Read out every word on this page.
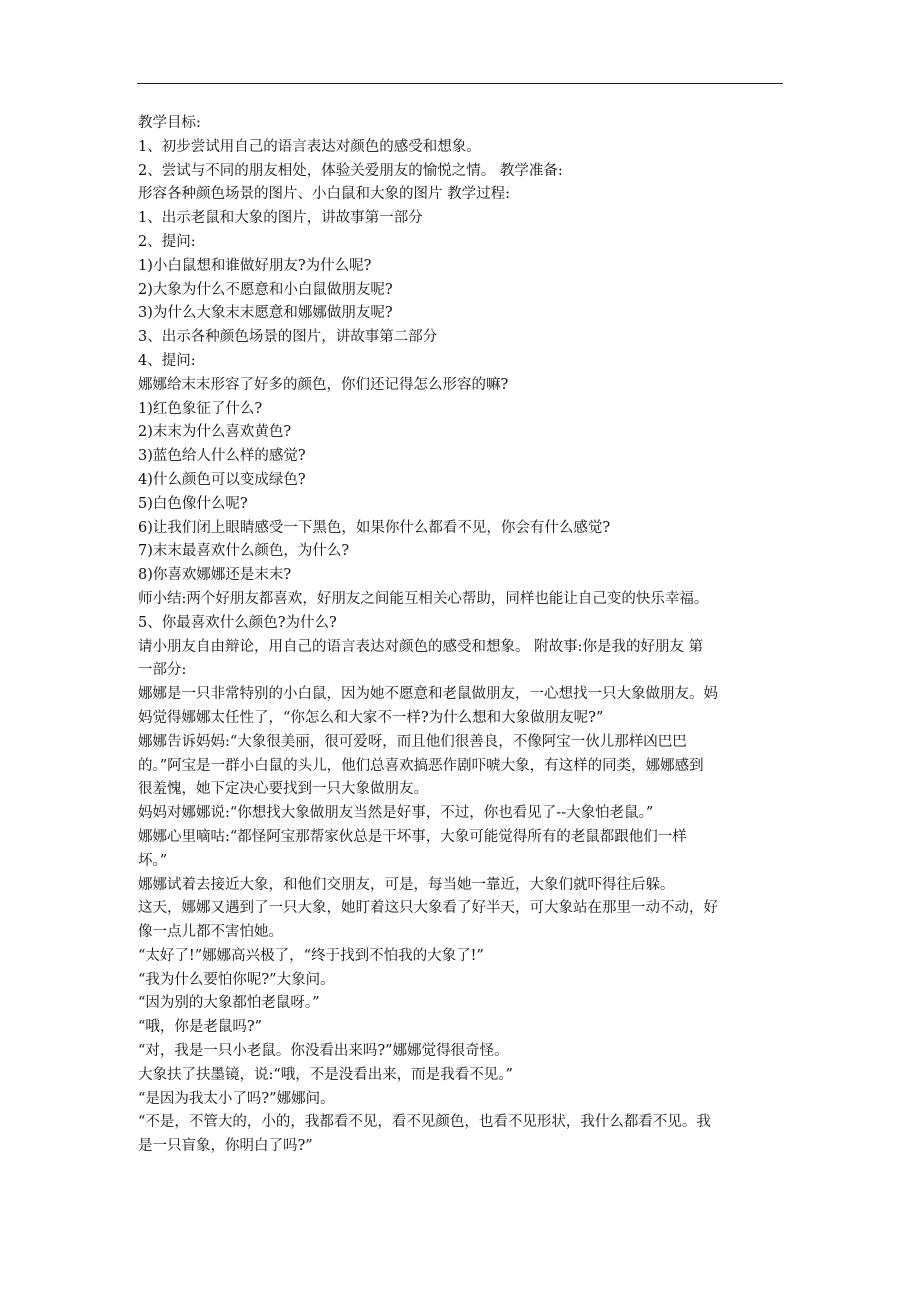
教学目标:
1、初步尝试用自己的语言表达对颜色的感受和想象。
2、尝试与不同的朋友相处，体验关爱朋友的愉悦之情。 教学准备:
形容各种颜色场景的图片、小白鼠和大象的图片 教学过程:
1、出示老鼠和大象的图片，讲故事第一部分
2、提问:
1)小白鼠想和谁做好朋友?为什么呢?
2)大象为什么不愿意和小白鼠做朋友呢?
3)为什么大象末末愿意和娜娜做朋友呢?
3、出示各种颜色场景的图片，讲故事第二部分
4、提问:
娜娜给末末形容了好多的颜色，你们还记得怎么形容的嘛?
1)红色象征了什么?
2)末末为什么喜欢黄色?
3)蓝色给人什么样的感觉?
4)什么颜色可以变成绿色?
5)白色像什么呢?
6)让我们闭上眼睛感受一下黑色，如果你什么都看不见，你会有什么感觉?
7)末末最喜欢什么颜色，为什么?
8)你喜欢娜娜还是末末?
师小结:两个好朋友都喜欢，好朋友之间能互相关心帮助，同样也能让自己变的快乐幸福。
5、你最喜欢什么颜色?为什么?
请小朋友自由辩论，用自己的语言表达对颜色的感受和想象。 附故事:你是我的好朋友 第
一部分:
娜娜是一只非常特别的小白鼠，因为她不愿意和老鼠做朋友，一心想找一只大象做朋友。妈
妈觉得娜娜太任性了，“你怎么和大家不一样?为什么想和大象做朋友呢?”
娜娜告诉妈妈:“大象很美丽，很可爱呀，而且他们很善良，不像阿宝一伙儿那样凶巴巴
的。”阿宝是一群小白鼠的头儿，他们总喜欢搞恶作剧吓唬大象，有这样的同类，娜娜感到
很羞愧，她下定决心要找到一只大象做朋友。
妈妈对娜娜说:“你想找大象做朋友当然是好事，不过，你也看见了--大象怕老鼠。”
娜娜心里嘀咕:“都怪阿宝那帮家伙总是干坏事，大象可能觉得所有的老鼠都跟他们一样
坏。”
娜娜试着去接近大象，和他们交朋友，可是，每当她一靠近，大象们就吓得往后躲。
这天，娜娜又遇到了一只大象，她盯着这只大象看了好半天，可大象站在那里一动不动，好
像一点儿都不害怕她。
“太好了!”娜娜高兴极了，“终于找到不怕我的大象了!”
“我为什么要怕你呢?”大象问。
“因为别的大象都怕老鼠呀。”
“哦，你是老鼠吗?”
“对，我是一只小老鼠。你没看出来吗?”娜娜觉得很奇怪。
大象扶了扶墨镜，说:“哦，不是没看出来，而是我看不见。”
“是因为我太小了吗?”娜娜问。
“不是，不管大的，小的，我都看不见，看不见颜色，也看不见形状，我什么都看不见。我
是一只盲象，你明白了吗?”
